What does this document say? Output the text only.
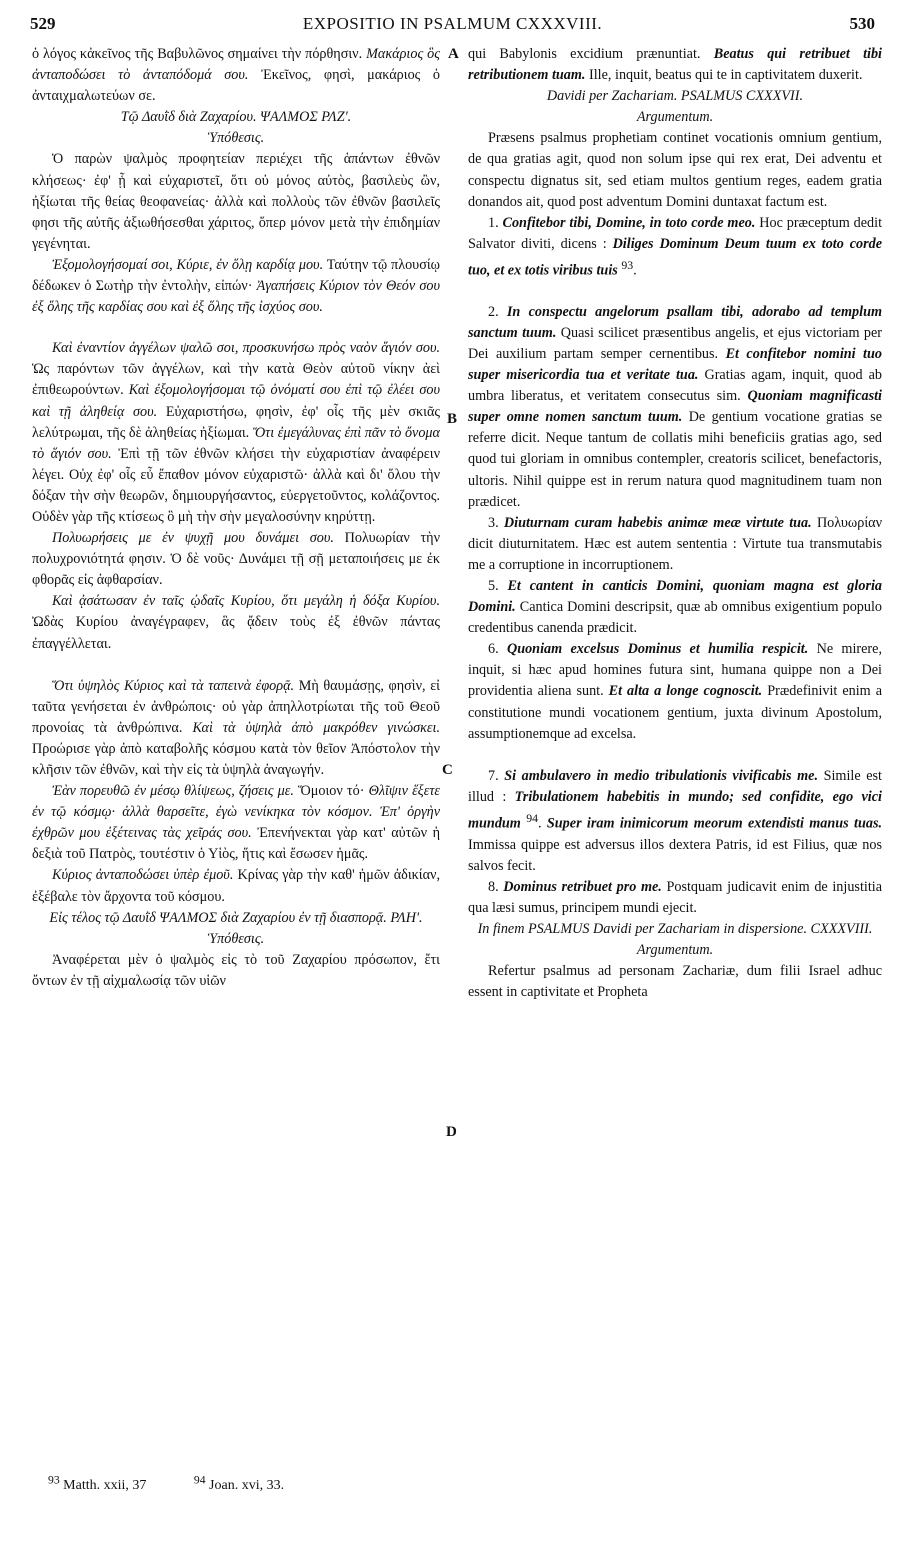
529	EXPOSITIO IN PSALMUM CXXXVIII.	530

ὁ λόγος κἀκεῖνος τῆς Βαβυλῶνος σημαίνει τὴν πόρθησιν. Μακάριος ὃς ἀνταποδώσει τὸ ἀνταπόδομά σου. Ἐκεῖνος, φησὶ, μακάριος ὁ ἀνταιχμαλωτεύων σε.

Τῷ Δαυῒδ διὰ Ζαχαρίου. ΨΑΛΜΟΣ ΡΛΖ'.

Ὑπόθεσις.

Ὁ παρὼν ψαλμὸς προφητείαν περιέχει τῆς ἁπάντων ἐθνῶν κλήσεως· ἐφ' ᾗ καὶ εὐχαριστεῖ, ὅτι οὐ μόνος αὐτὸς, βασιλεὺς ὢν, ἠξίωται τῆς θείας θεοφανείας· ἀλλὰ καὶ πολλοὺς τῶν ἐθνῶν βασιλεῖς φησι τῆς αὐτῆς ἀξιωθήσεσθαι χάριτος, ὅπερ μόνον μετὰ τὴν ἐπιδημίαν γεγένηται.

Ἐξομολογήσομαί σοι, Κύριε, ἐν ὅλῃ καρδίᾳ μου. Ταύτην τῷ πλουσίῳ δέδωκεν ὁ Σωτὴρ τὴν ἐντολὴν, εἰπών· Ἀγαπήσεις Κύριον τὸν Θεόν σου ἐξ ὅλης τῆς καρδίας σου καὶ ἐξ ὅλης τῆς ἰσχύος σου.

Καὶ ἐναντίον ἀγγέλων ψαλῶ σοι, προσκυνήσω πρὸς ναὸν ἅγιόν σου. Ὡς παρόντων τῶν ἀγγέλων, καὶ τὴν κατὰ Θεὸν αὐτοῦ νίκην ἀεὶ ἐπιθεωρούντων. Καὶ ἐξομολογήσομαι τῷ ὀνόματί σου ἐπὶ τῷ ἐλέει σου καὶ τῇ ἀληθείᾳ σου. Εὐχαριστήσω, φησὶν, ἐφ' οἷς τῆς μὲν σκιᾶς λελύτρωμαι, τῆς δὲ ἀληθείας ἠξίωμαι. Ὅτι ἐμεγάλυνας ἐπὶ πᾶν τὸ ὄνομα τὸ ἅγιόν σου. Ἐπὶ τῇ τῶν ἐθνῶν κλήσει τὴν εὐχαριστίαν ἀναφέρειν λέγει. Οὐχ ἐφ' οἷς εὖ ἔπαθον μόνον εὐχαριστῶ· ἀλλὰ καὶ δι' ὅλου τὴν δόξαν τὴν σὴν θεωρῶν, δημιουργήσαντος, εὐεργετοῦντος, κολάζοντος. Οὐδὲν γὰρ τῆς κτίσεως ὃ μὴ τὴν σὴν μεγαλοσύνην κηρύττῃ.

Πολυωρήσεις με ἐν ψυχῇ μου δυνάμει σου. Πολυωρίαν τὴν πολυχρονιότητά φησιν. Ὁ δὲ νοῦς· Δυνάμει τῇ σῇ μεταποιήσεις με ἐκ φθορᾶς εἰς ἀφθαρσίαν.

Καὶ ᾀσάτωσαν ἐν ταῖς ᾠδαῖς Κυρίου, ὅτι μεγάλη ἡ δόξα Κυρίου. Ὠδὰς Κυρίου ἀναγέγραφεν, ἃς ᾄδειν τοὺς ἐξ ἐθνῶν πάντας ἐπαγγέλλεται.

Ὅτι ὑψηλὸς Κύριος καὶ τὰ ταπεινὰ ἐφορᾷ. Μὴ θαυμάσῃς, φησὶν, εἰ ταῦτα γενήσεται ἐν ἀνθρώποις· οὐ γὰρ ἀπηλλοτρίωται τῆς τοῦ Θεοῦ προνοίας τὰ ἀνθρώπινα. Καὶ τὰ ὑψηλὰ ἀπὸ μακρόθεν γινώσκει. Προώρισε γὰρ ἀπὸ καταβολῆς κόσμου κατὰ τὸν θεῖον Ἀπόστολον τὴν κλῆσιν τῶν ἐθνῶν, καὶ τὴν εἰς τὰ ὑψηλὰ ἀναγωγήν.

Ἐὰν πορευθῶ ἐν μέσῳ θλίψεως, ζήσεις με. Ὅμοιον τό· Θλῖψιν ἕξετε ἐν τῷ κόσμῳ· ἀλλὰ θαρσεῖτε, ἐγὼ νενίκηκα τὸν κόσμον. Ἐπ' ὀργὴν ἐχθρῶν μου ἐξέτεινας τὰς χεῖράς σου. Ἐπενήνεκται γὰρ κατ' αὐτῶν ἡ δεξιὰ τοῦ Πατρὸς, τουτέστιν ὁ Υἱὸς, ἥτις καὶ ἔσωσεν ἡμᾶς.

Κύριος ἀνταποδώσει ὑπὲρ ἐμοῦ. Κρίνας γὰρ τὴν καθ' ἡμῶν ἀδικίαν, ἐξέβαλε τὸν ἄρχοντα τοῦ κόσμου.

Εἰς τέλος τῷ Δαυῒδ ΨΑΛΜΟΣ διὰ Ζαχαρίου ἐν τῇ διασπορᾷ. ΡΛΗ'.

Ὑπόθεσις.

Ἀναφέρεται μὲν ὁ ψαλμὸς εἰς τὸ τοῦ Ζαχαρίου πρόσωπον, ἔτι ὄντων ἐν τῇ αἰχμαλωσίᾳ τῶν υἱῶν

qui Babylonis excidium prænuntiat. Beatus qui retribuet tibi retributionem tuam. Ille, inquit, beatus qui te in captivitatem duxerit.

Davidi per Zachariam. PSALMUS CXXXVII.

Argumentum.

Præsens psalmus prophetiam continet vocationis omnium gentium, de qua gratias agit, quod non solum ipse qui rex erat, Dei adventu et conspectu dignatus sit, sed etiam multos gentium reges, eadem gratia donandos ait, quod post adventum Domini duntaxat factum est.

1. Confitebor tibi, Domine, in toto corde meo. Hoc præceptum dedit Salvator diviti, dicens : Diliges Dominum Deum tuum ex toto corde tuo, et ex totis viribus tuis $^{93}$.

2. In conspectu angelorum psallam tibi, adorabo ad templum sanctum tuum. Quasi scilicet præsentibus angelis, et ejus victoriam per Dei auxilium partam semper cernentibus. Et confitebor nomini tuo super misericordia tua et veritate tua. Gratias agam, inquit, quod ab umbra liberatus, et veritatem consecutus sim. Quoniam magnificasti super omne nomen sanctum tuum. De gentium vocatione gratias se referre dicit. Neque tantum de collatis mihi beneficiis gratias ago, sed quod tui gloriam in omnibus contempler, creatoris scilicet, benefactoris, ultoris. Nihil quippe est in rerum natura quod magnitudinem tuam non prædicet.

3. Diuturnam curam habebis animæ meæ virtute tua. Πολυωρίαν dicit diuturnitatem. Hæc est autem sententia : Virtute tua transmutabis me a corruptione in incorruptionem.

5. Et cantent in canticis Domini, quoniam magna est gloria Domini. Cantica Domini descripsit, quæ ab omnibus exigentium populo credentibus canenda prædicit.

6. Quoniam excelsus Dominus et humilia respicit. Ne mirere, inquit, si hæc apud homines futura sint, humana quippe non a Dei providentia aliena sunt. Et alta a longe cognoscit. Prædefinivit enim a constitutione mundi vocationem gentium, juxta divinum Apostolum, assumptionemque ad excelsa.

7. Si ambulavero in medio tribulationis vivificabis me. Simile est illud : Tribulationem habebitis in mundo; sed confidite, ego vici mundum $^{94}$. Super iram inimicorum meorum extendisti manus tuas. Immissa quippe est adversus illos dextera Patris, id est Filius, quæ nos salvos fecit.

8. Dominus retribuet pro me. Postquam judicavit enim de injustitia qua læsi sumus, principem mundi ejecit.

In finem PSALMUS Davidi per Zachariam in dispersione. CXXXVIII.

Argumentum.

Refertur psalmus ad personam Zachariæ, dum filii Israel adhuc essent in captivitate et Propheta

A
B
C
D
$^{93}$ Matth. xxii, 37	$^{94}$ Joan. xvi, 33.
